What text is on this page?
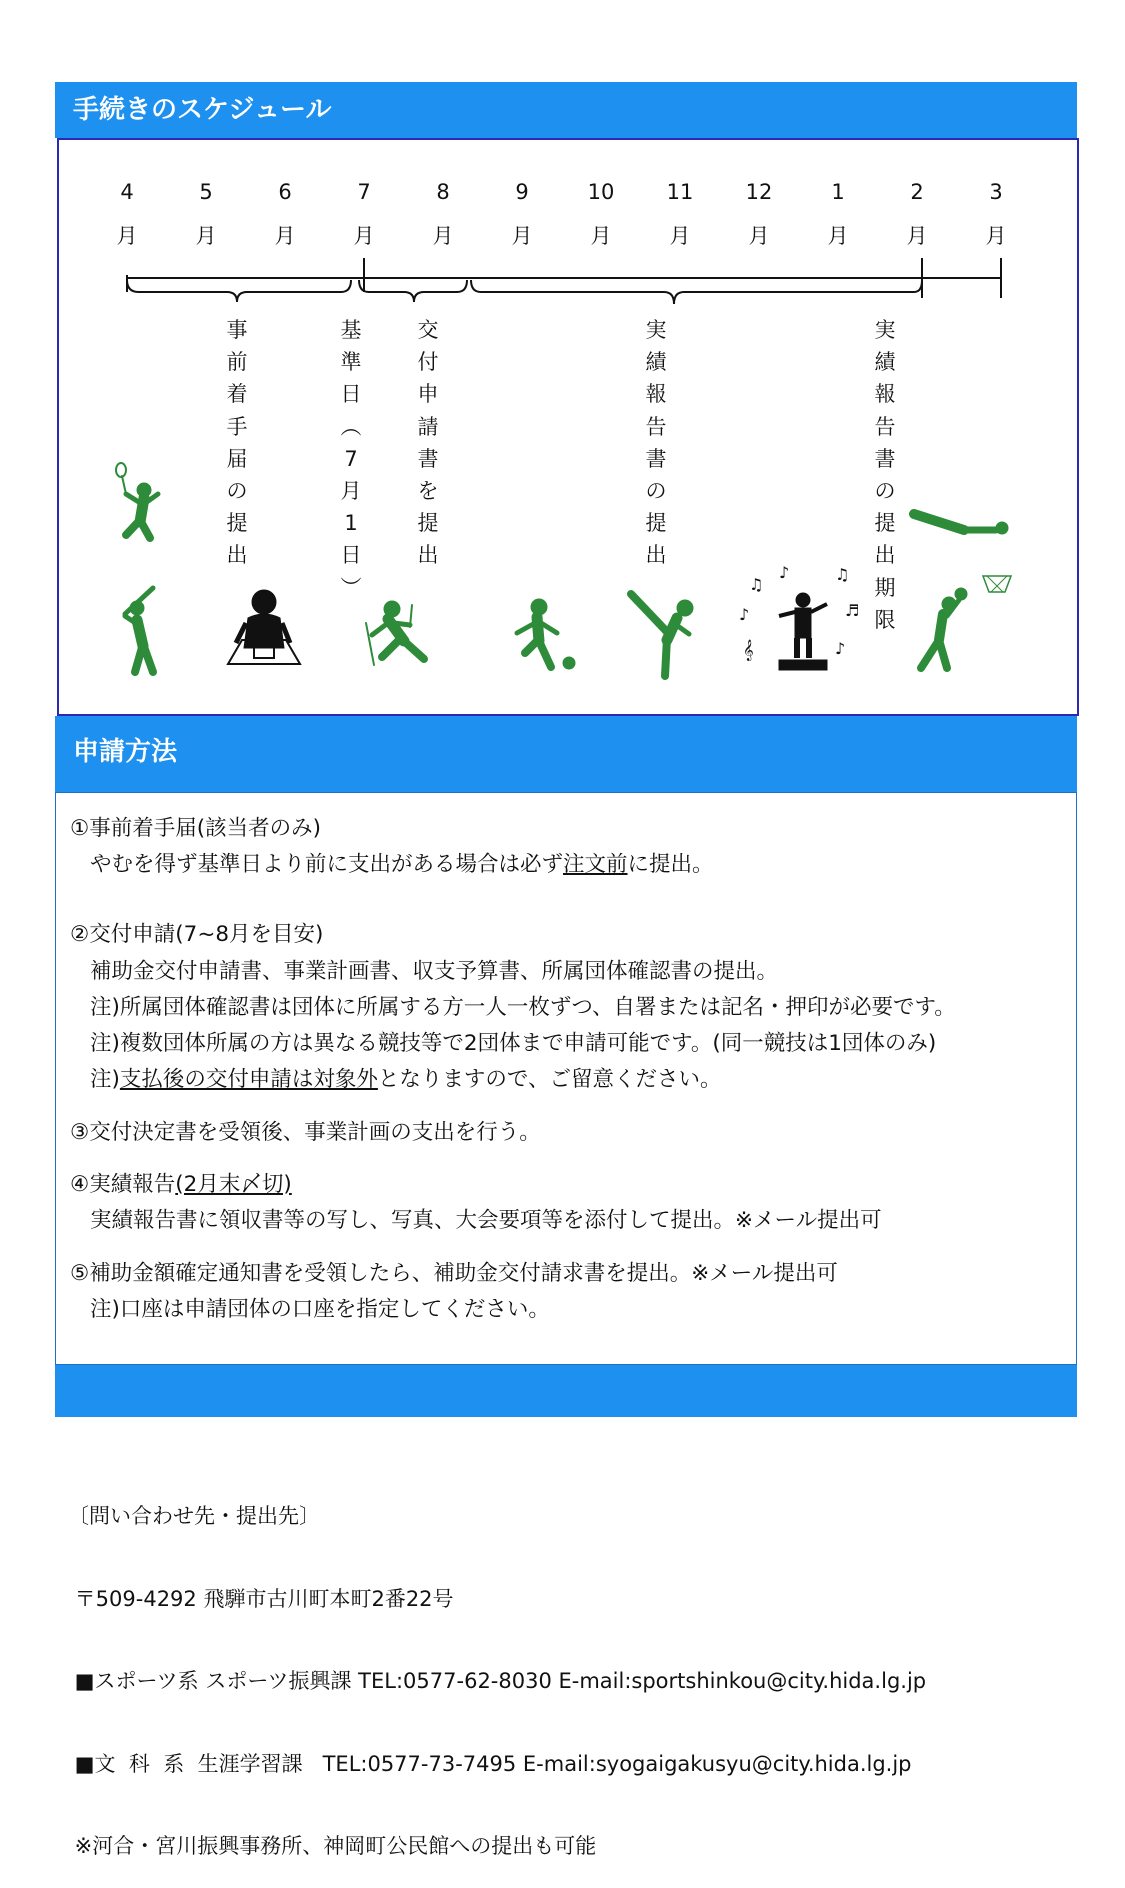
手続きのスケジュール
4
月
5
月
6
月
7
月
8
月
9
月
10
月
11
月
12
月
1
月
2
月
3
月
事
前
着
手
届
の
提
出
基
準
日
︵
7
月
1
日
︶
交
付
申
請
書
を
提
出
実
績
報
告
書
の
提
出
実
績
報
告
書
の
提
出
期
限
♫
♪	♫
♪	♬
𝄞	♪
申請方法
①事前着手届(該当者のみ)
やむを得ず基準日より前に支出がある場合は必ず注文前に提出。
②交付申請(7~8月を目安)
補助金交付申請書、事業計画書、収支予算書、所属団体確認書の提出。
注)所属団体確認書は団体に所属する方一人一枚ずつ、自署または記名・押印が必要です。
注)複数団体所属の方は異なる競技等で2団体まで申請可能です。(同一競技は1団体のみ)
注)支払後の交付申請は対象外となりますので、ご留意ください。
③交付決定書を受領後、事業計画の支出を行う。
④実績報告(2月末〆切)
実績報告書に領収書等の写し、写真、大会要項等を添付して提出。※メール提出可
⑤補助金額確定通知書を受領したら、補助金交付請求書を提出。※メール提出可
注)口座は申請団体の口座を指定してください。

〔問い合わせ先・提出先〕

〒509-4292 飛騨市古川町本町2番22号

■スポーツ系 スポーツ振興課 TEL:0577-62-8030 E-mail:sportshinkou@city.hida.lg.jp

■文  科  系  生涯学習課   TEL:0577-73-7495 E-mail:syogaigakusyu@city.hida.lg.jp

※河合・宮川振興事務所、神岡町公民館への提出も可能
